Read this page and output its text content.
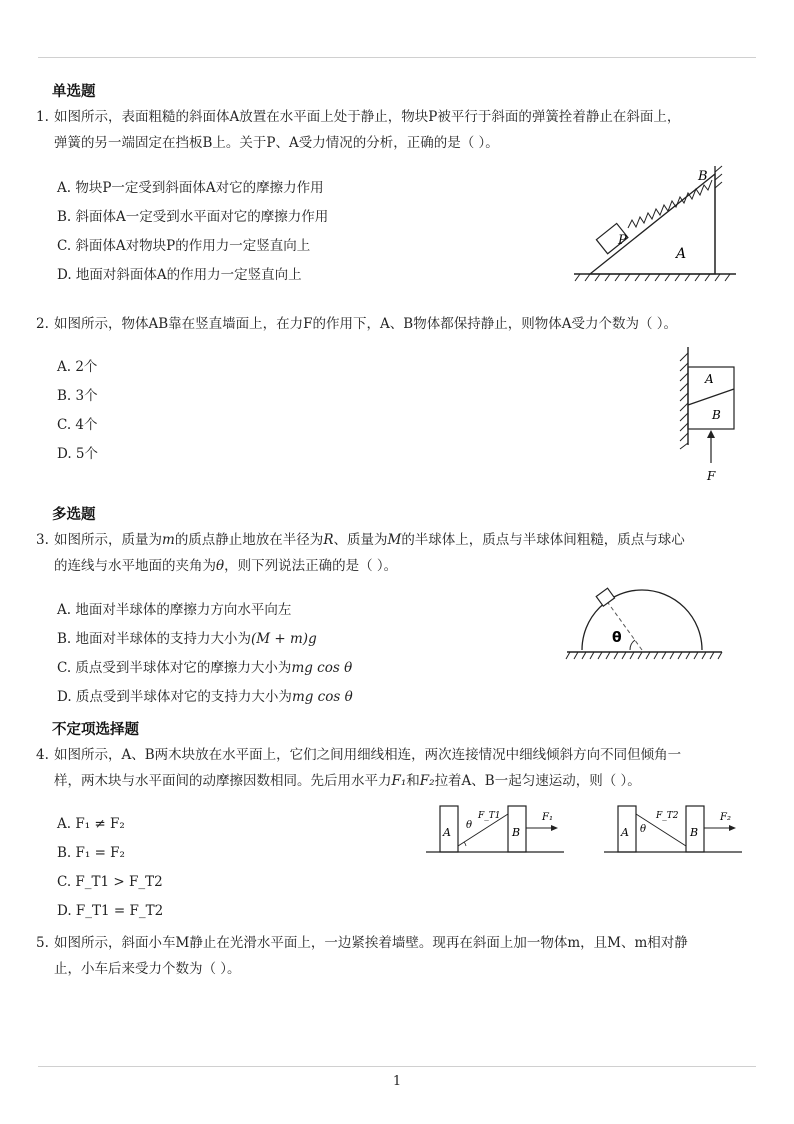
单选题
1. 如图所示，表面粗糙的斜面体A放置在水平面上处于静止，物块P被平行于斜面的弹簧拴着静止在斜面上，
弹簧的另一端固定在挡板B上。关于P、A受力情况的分析，正确的是（ ）。
A. 物块P一定受到斜面体A对它的摩擦力作用
B. 斜面体A一定受到水平面对它的摩擦力作用
C. 斜面体A对物块P的作用力一定竖直向上
D. 地面对斜面体A的作用力一定竖直向上
P
A
B
2. 如图所示，物体AB靠在竖直墙面上，在力F的作用下，A、B物体都保持静止，则物体A受力个数为（ ）。
A. 2个
B. 3个
C. 4个
D. 5个
A
B
F
多选题
3. 如图所示，质量为m的质点静止地放在半径为R、质量为M的半球体上，质点与半球体间粗糙，质点与球心
的连线与水平地面的夹角为θ，则下列说法正确的是（ ）。
A. 地面对半球体的摩擦力方向水平向左
B. 地面对半球体的支持力大小为(M + m)g
C. 质点受到半球体对它的摩擦力大小为mg cos θ
D. 质点受到半球体对它的支持力大小为mg cos θ
θ
不定项选择题
4. 如图所示，A、B两木块放在水平面上，它们之间用细线相连，两次连接情况中细线倾斜方向不同但倾角一
样，两木块与水平面间的动摩擦因数相同。先后用水平力F₁和F₂拉着A、B一起匀速运动，则（ ）。
A. F₁ ≠ F₂
B. F₁ = F₂
C. F_T1 > F_T2
D. F_T1 = F_T2
A	B
θ
F_T1	F₁
A	B
θ
F_T2	F₂
5. 如图所示，斜面小车M静止在光滑水平面上，一边紧挨着墙壁。现再在斜面上加一物体m，且M、m相对静
止，小车后来受力个数为（ ）。
1
